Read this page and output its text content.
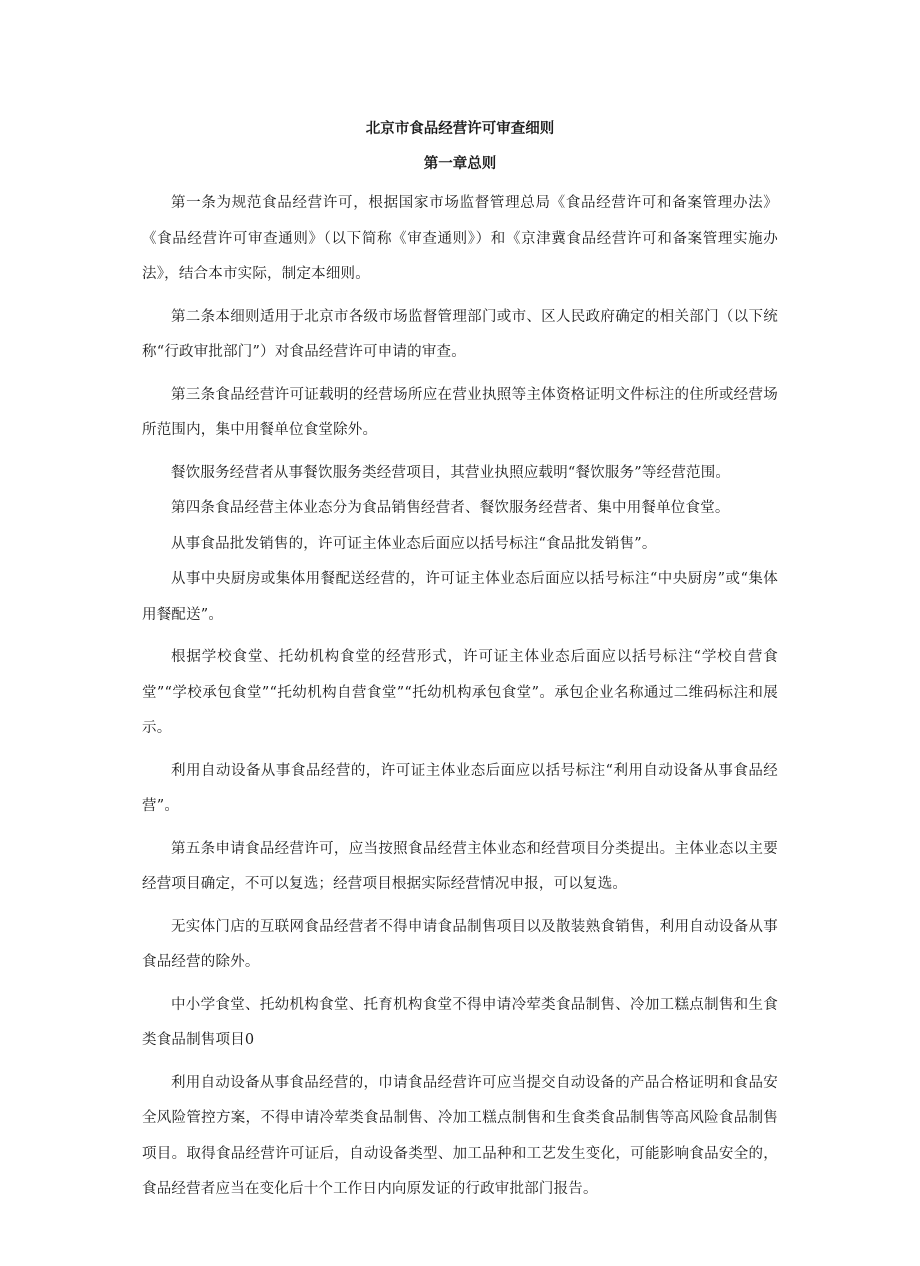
北京市食品经营许可审查细则
第一章总则

第一条为规范食品经营许可，根据国家市场监督管理总局《食品经营许可和备案管理办法》《食品经营许可审查通则》（以下简称《审查通则》）和《京津冀食品经营许可和备案管理实施办法》，结合本市实际，制定本细则。

第二条本细则适用于北京市各级市场监督管理部门或市、区人民政府确定的相关部门（以下统称“行政审批部门”）对食品经营许可申请的审查。

第三条食品经营许可证载明的经营场所应在营业执照等主体资格证明文件标注的住所或经营场所范围内，集中用餐单位食堂除外。

餐饮服务经营者从事餐饮服务类经营项目，其营业执照应载明“餐饮服务”等经营范围。

第四条食品经营主体业态分为食品销售经营者、餐饮服务经营者、集中用餐单位食堂。

从事食品批发销售的，许可证主体业态后面应以括号标注“食品批发销售”。

从事中央厨房或集体用餐配送经营的，许可证主体业态后面应以括号标注“中央厨房”或“集体用餐配送”。

根据学校食堂、托幼机构食堂的经营形式，许可证主体业态后面应以括号标注“学校自营食堂”“学校承包食堂”“托幼机构自营食堂”“托幼机构承包食堂”。承包企业名称通过二维码标注和展示。

利用自动设备从事食品经营的，许可证主体业态后面应以括号标注“利用自动设备从事食品经营”。

第五条申请食品经营许可，应当按照食品经营主体业态和经营项目分类提出。主体业态以主要经营项目确定，不可以复选；经营项目根据实际经营情况申报，可以复选。

无实体门店的互联网食品经营者不得申请食品制售项目以及散装熟食销售，利用自动设备从事食品经营的除外。

中小学食堂、托幼机构食堂、托育机构食堂不得申请冷荤类食品制售、冷加工糕点制售和生食类食品制售项目0

利用自动设备从事食品经营的，巾请食品经营许可应当提交自动设备的产品合格证明和食品安全风险管控方案，不得申请冷荤类食品制售、冷加工糕点制售和生食类食品制售等高风险食品制售项目。取得食品经营许可证后，自动设备类型、加工品种和工艺发生变化，可能影响食品安全的，食品经营者应当在变化后十个工作日内向原发证的行政审批部门报告。
